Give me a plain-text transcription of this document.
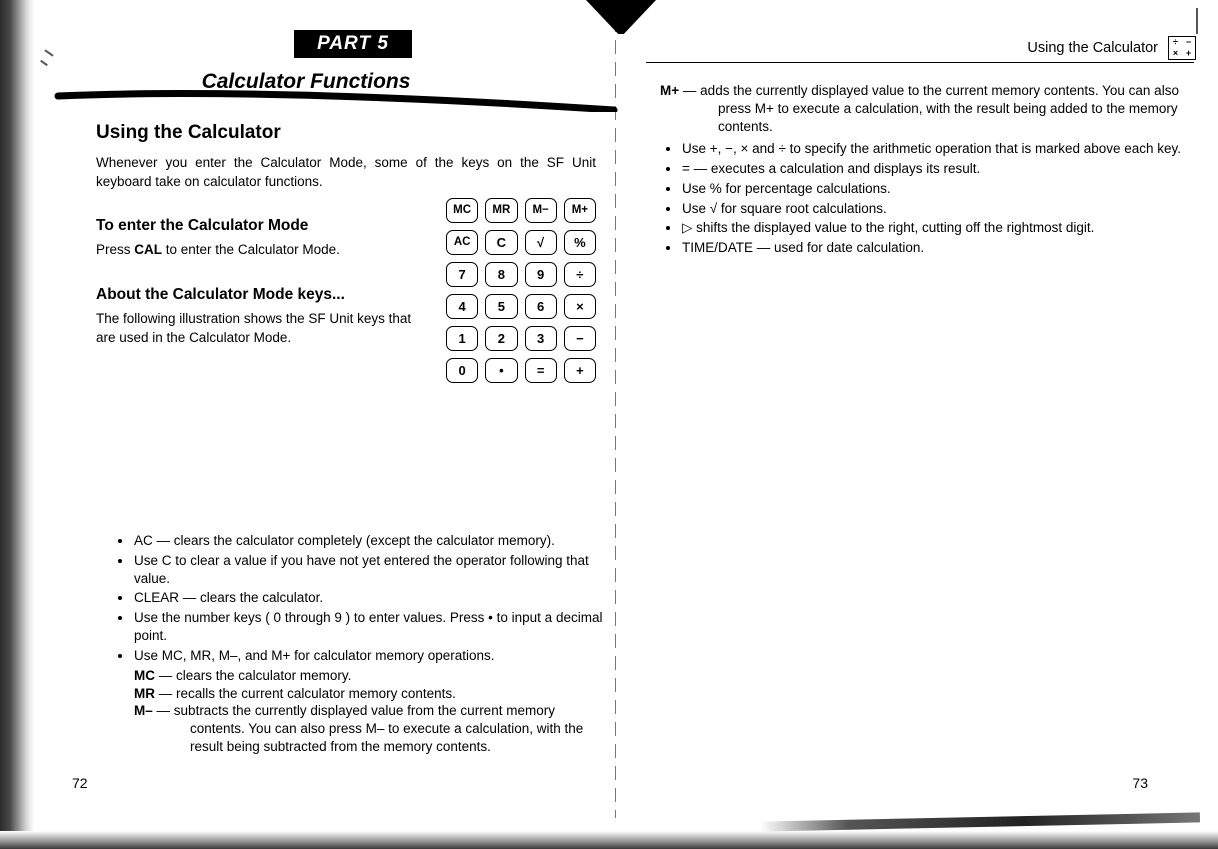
PART 5
Calculator Functions
Using the Calculator

Whenever you enter the Calculator Mode, some of the keys on the SF Unit keyboard take on calculator functions.

To enter the Calculator Mode

Press CAL to enter the Calculator Mode.

About the Calculator Mode keys...

The following illustration shows the SF Unit keys that are used in the Calculator Mode.

MC	MR	M−	M+
AC	C	√	%
7	8	9	÷
4	5	6	×
1	2	3	−
0	•	=	+
AC — clears the calculator completely (except the calculator memory).
Use C to clear a value if you have not yet entered the operator following that value.
CLEAR — clears the calculator.
Use the number keys ( 0 through 9 ) to enter values. Press • to input a decimal point.
Use MC, MR, M–, and M+ for calculator memory operations.
MC — clears the calculator memory.
MR — recalls the current calculator memory contents.
M– — subtracts the currently displayed value from the current memory contents. You can also press M– to execute a calculation, with the result being subtracted from the memory contents.
72
Using the Calculator	÷ −
× +
M+ — adds the currently displayed value to the current memory contents. You can also press M+ to execute a calculation, with the result being added to the memory contents.
Use +, −, × and ÷ to specify the arithmetic operation that is marked above each key.
= — executes a calculation and displays its result.
Use % for percentage calculations.
Use √ for square root calculations.
▷ shifts the displayed value to the right, cutting off the rightmost digit.
TIME/DATE — used for date calculation.
73
